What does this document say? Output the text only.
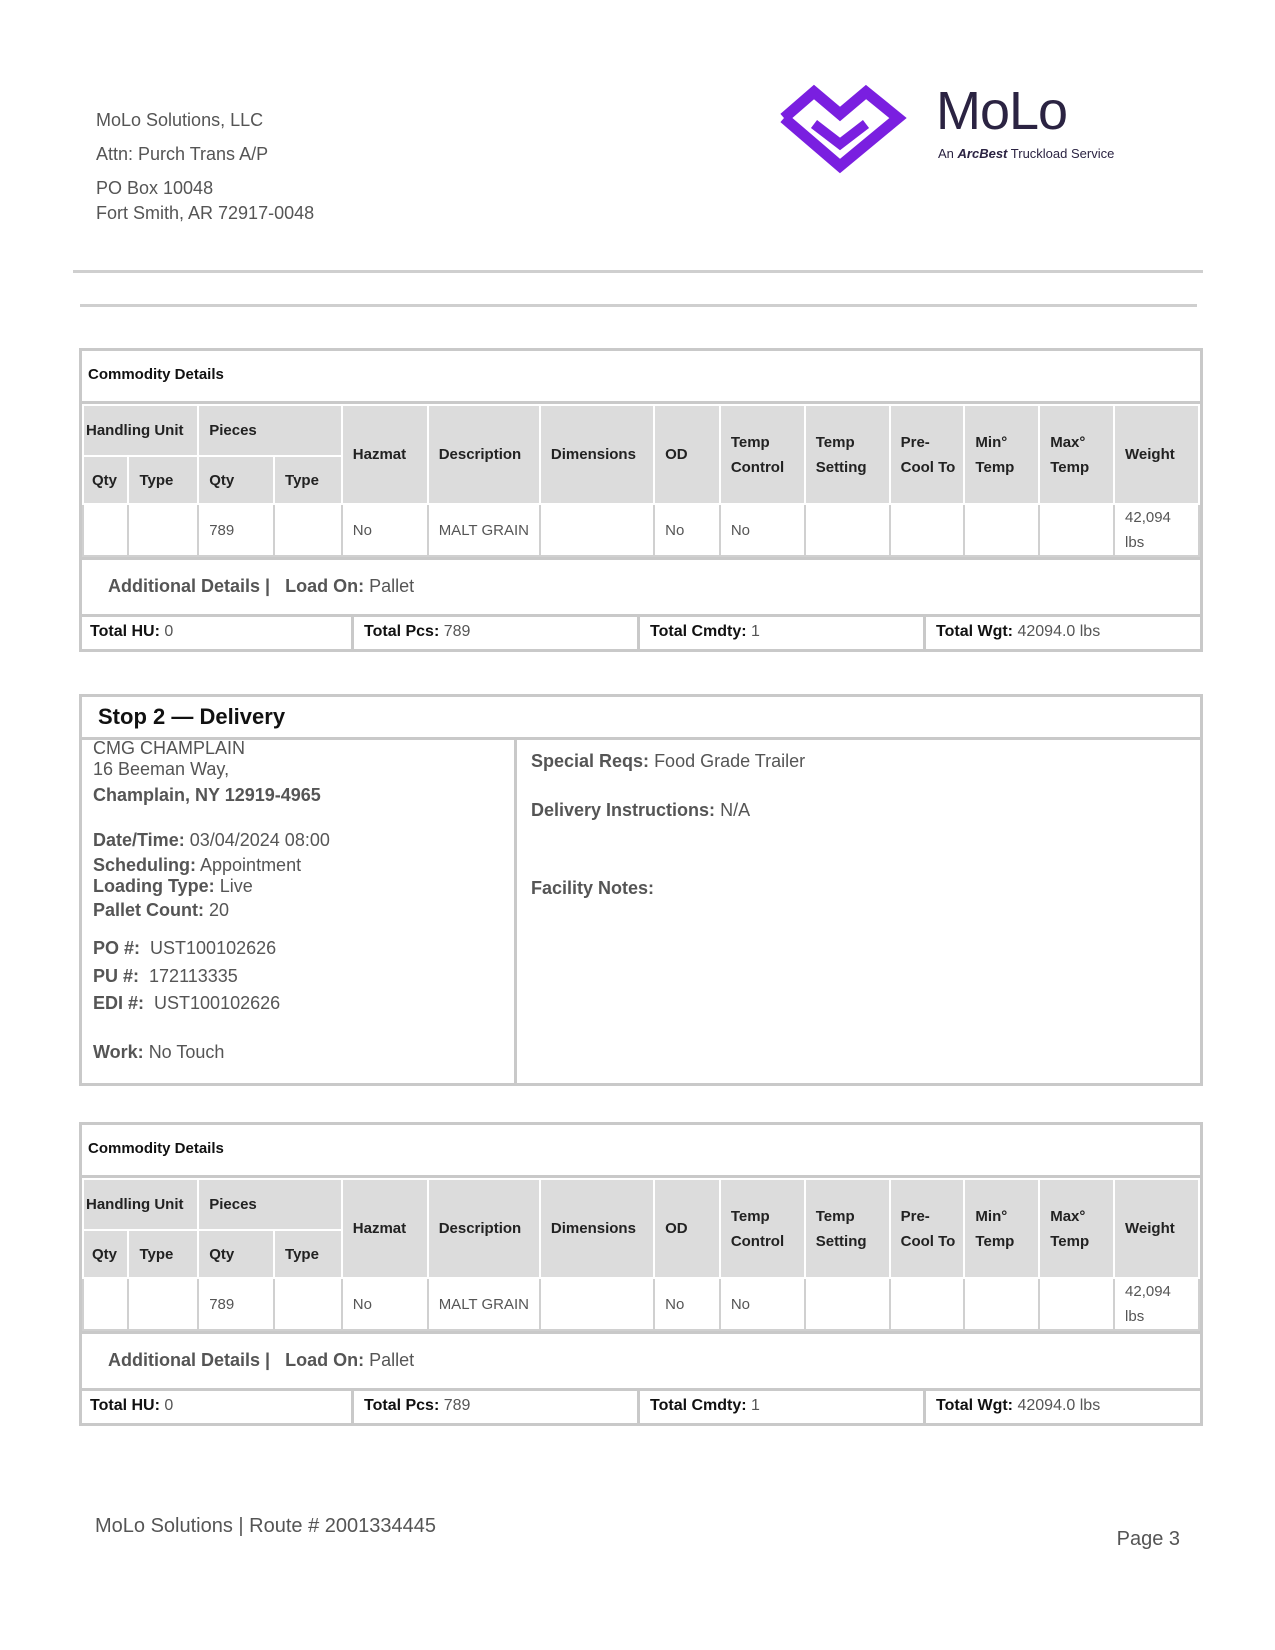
MoLo Solutions, LLC
Attn: Purch Trans A/P
PO Box 10048
Fort Smith, AR 72917-0048
MoLo
An ArcBest Truckload Service
Commodity Details
Handling Unit		Pieces		Hazmat	Description	Dimensions	OD	Temp Control	Temp Setting	Pre-Cool To	Min° Temp	Max° Temp	Weight
Qty	Type	Qty	Type										
		789		No	MALT GRAIN		No	No					42,094 lbs
Additional Details | Load On: Pallet
Total HU: 0	Total Pcs: 789	Total Cmdty: 1	Total Wgt: 42094.0 lbs
Stop 2 — Delivery
CMG CHAMPLAIN
16 Beeman Way,
Champlain, NY 12919-4965
Date/Time: 03/04/2024 08:00
Scheduling: Appointment
Loading Type: Live
Pallet Count: 20
PO #: UST100102626
PU #: 172113335
EDI #: UST100102626
Work: No Touch
Special Reqs: Food Grade Trailer
Delivery Instructions: N/A
Facility Notes:
Commodity Details
Handling Unit		Pieces		Hazmat	Description	Dimensions	OD	Temp Control	Temp Setting	Pre-Cool To	Min° Temp	Max° Temp	Weight
Qty	Type	Qty	Type										
		789		No	MALT GRAIN		No	No					42,094 lbs
Additional Details | Load On: Pallet
Total HU: 0	Total Pcs: 789	Total Cmdty: 1	Total Wgt: 42094.0 lbs
MoLo Solutions | Route # 2001334445
Page 3
